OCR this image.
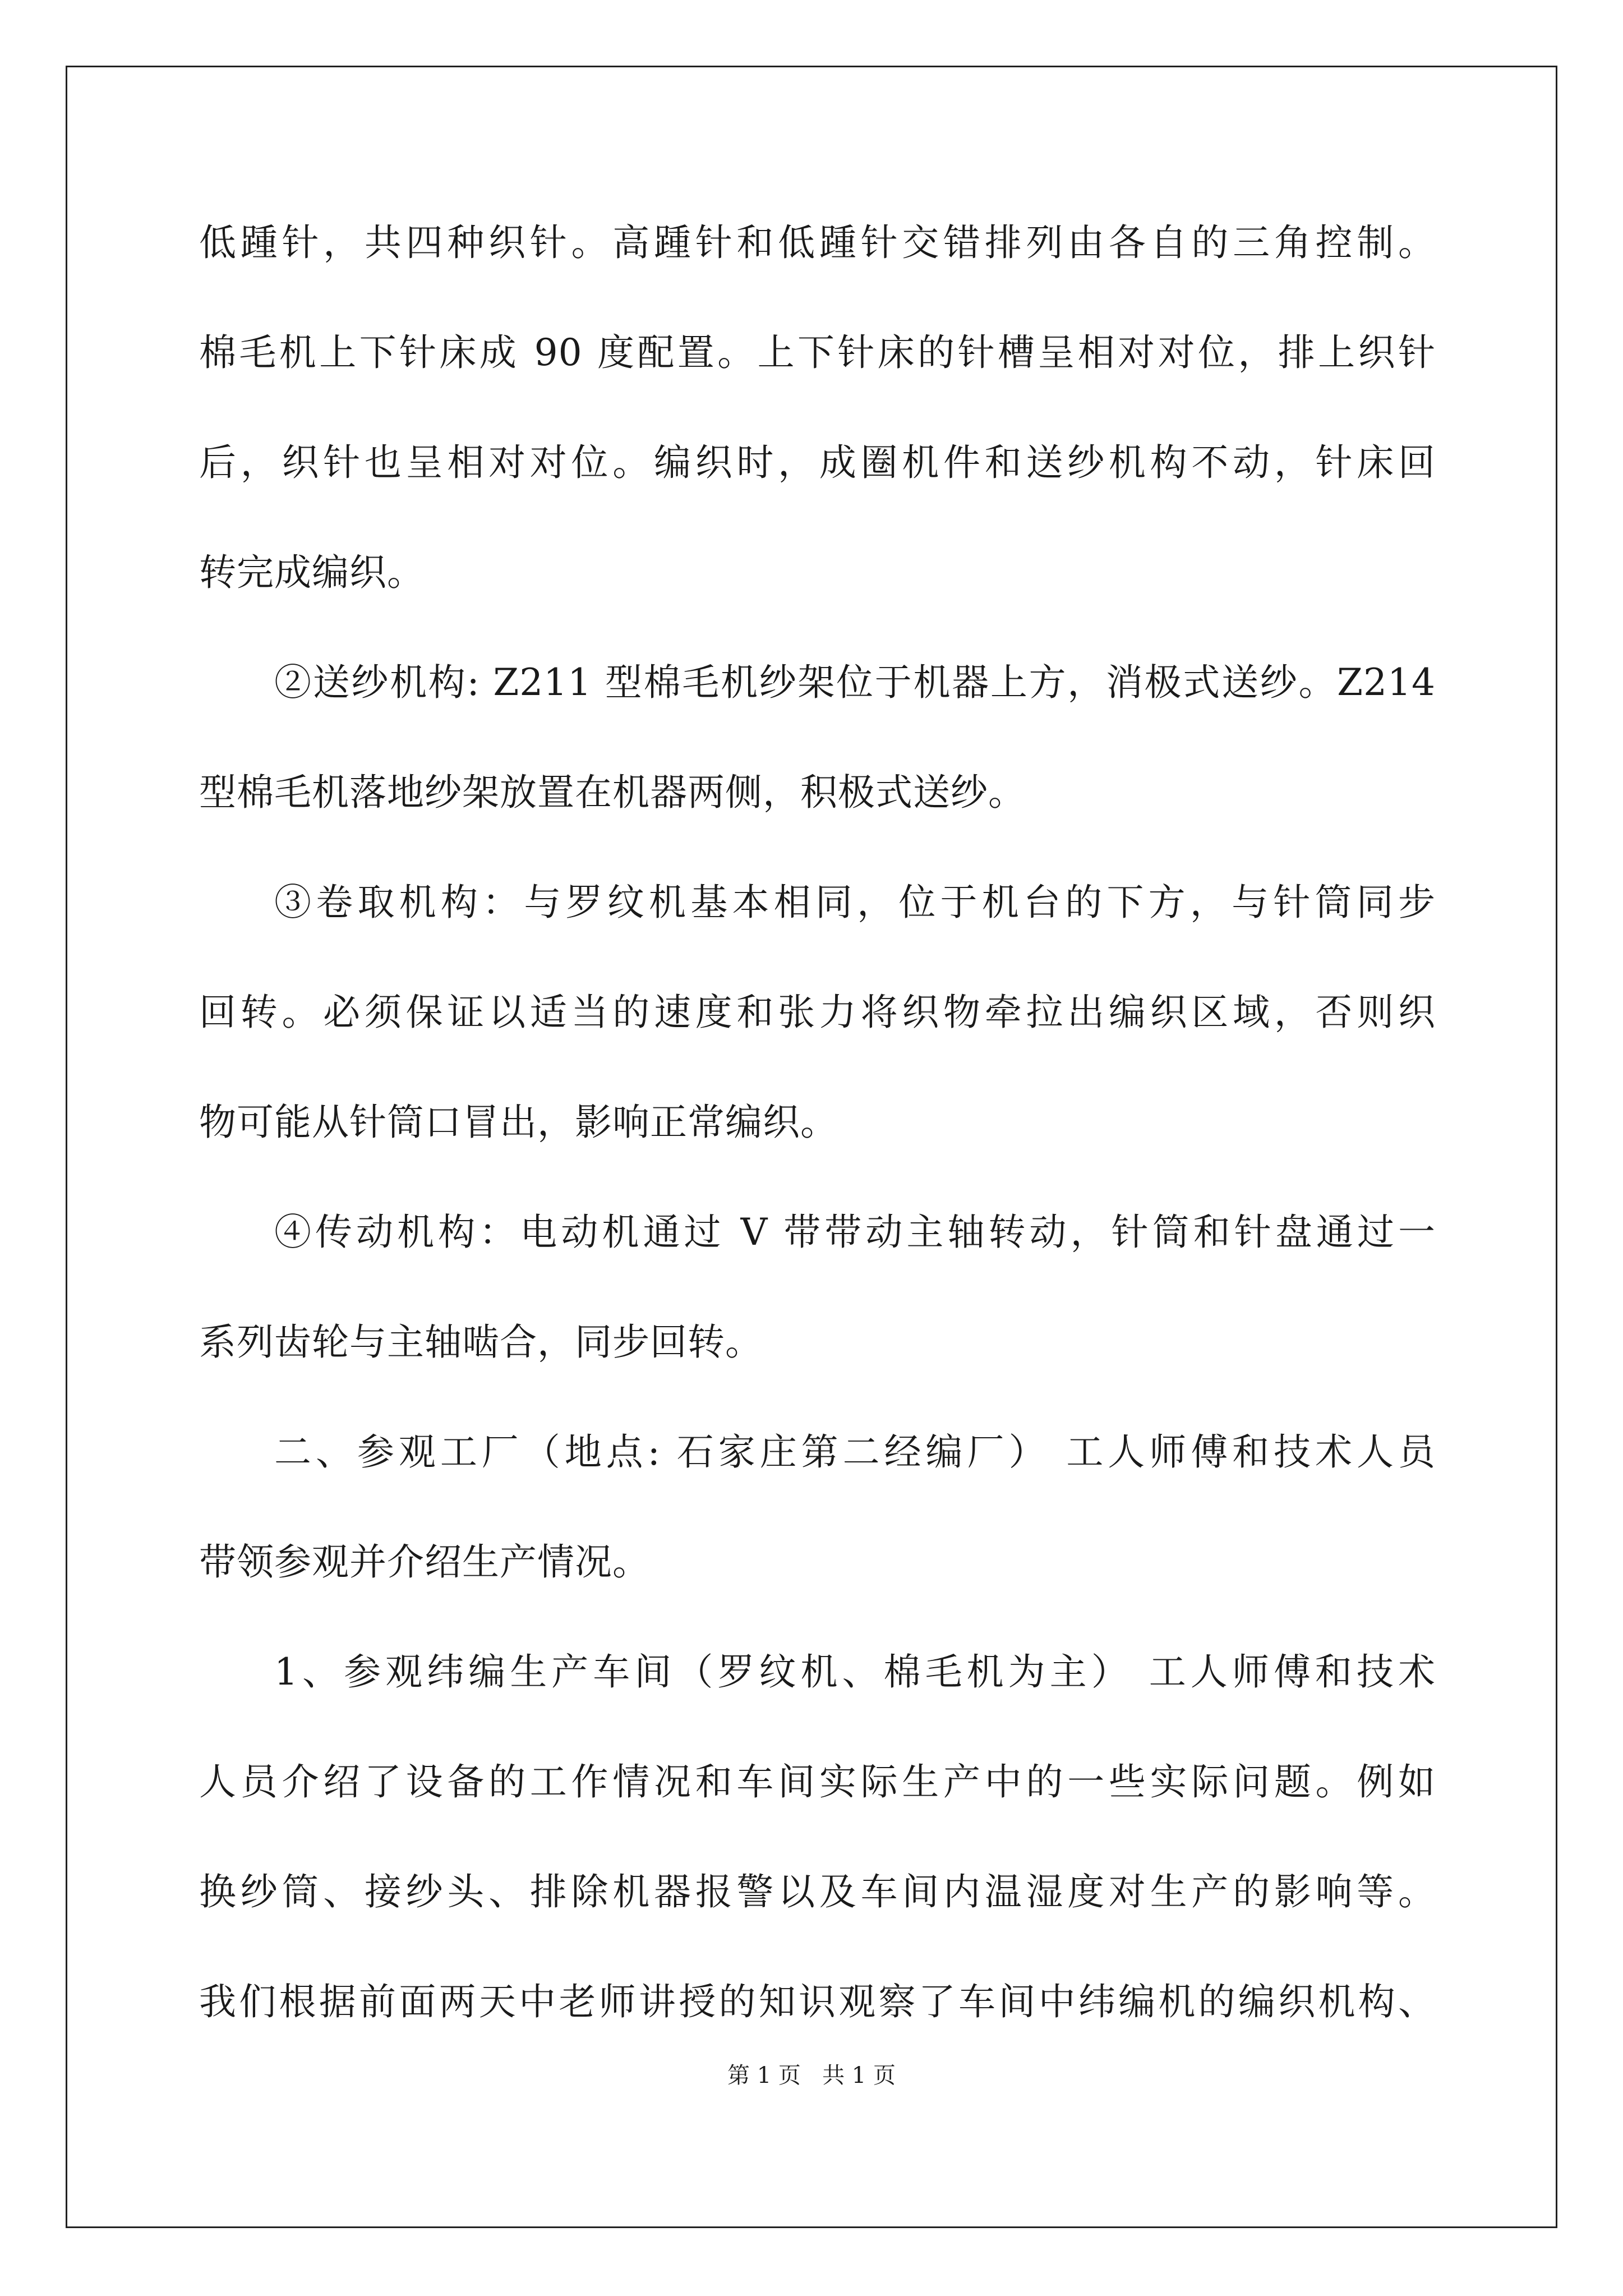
低踵针，共四种织针。高踵针和低踵针交错排列由各自的三角控制。
棉毛机上下针床成 90 度配置。上下针床的针槽呈相对对位，排上织针
后，织针也呈相对对位。编织时，成圈机件和送纱机构不动，针床回
转完成编织。
②送纱机构: Z211 型棉毛机纱架位于机器上方，消极式送纱。Z214
型棉毛机落地纱架放置在机器两侧，积极式送纱。
③卷取机构：与罗纹机基本相同，位于机台的下方，与针筒同步
回转。必须保证以适当的速度和张力将织物牵拉出编织区域，否则织
物可能从针筒口冒出，影响正常编织。
④传动机构：电动机通过 V 带带动主轴转动，针筒和针盘通过一
系列齿轮与主轴啮合，同步回转。
二、参观工厂（地点: 石家庄第二经编厂） 工人师傅和技术人员
带领参观并介绍生产情况。
1、参观纬编生产车间（罗纹机、棉毛机为主） 工人师傅和技术
人员介绍了设备的工作情况和车间实际生产中的一些实际问题。例如
换纱筒、接纱头、排除机器报警以及车间内温湿度对生产的影响等。
我们根据前面两天中老师讲授的知识观察了车间中纬编机的编织机构、
第 1 页   共 1 页
